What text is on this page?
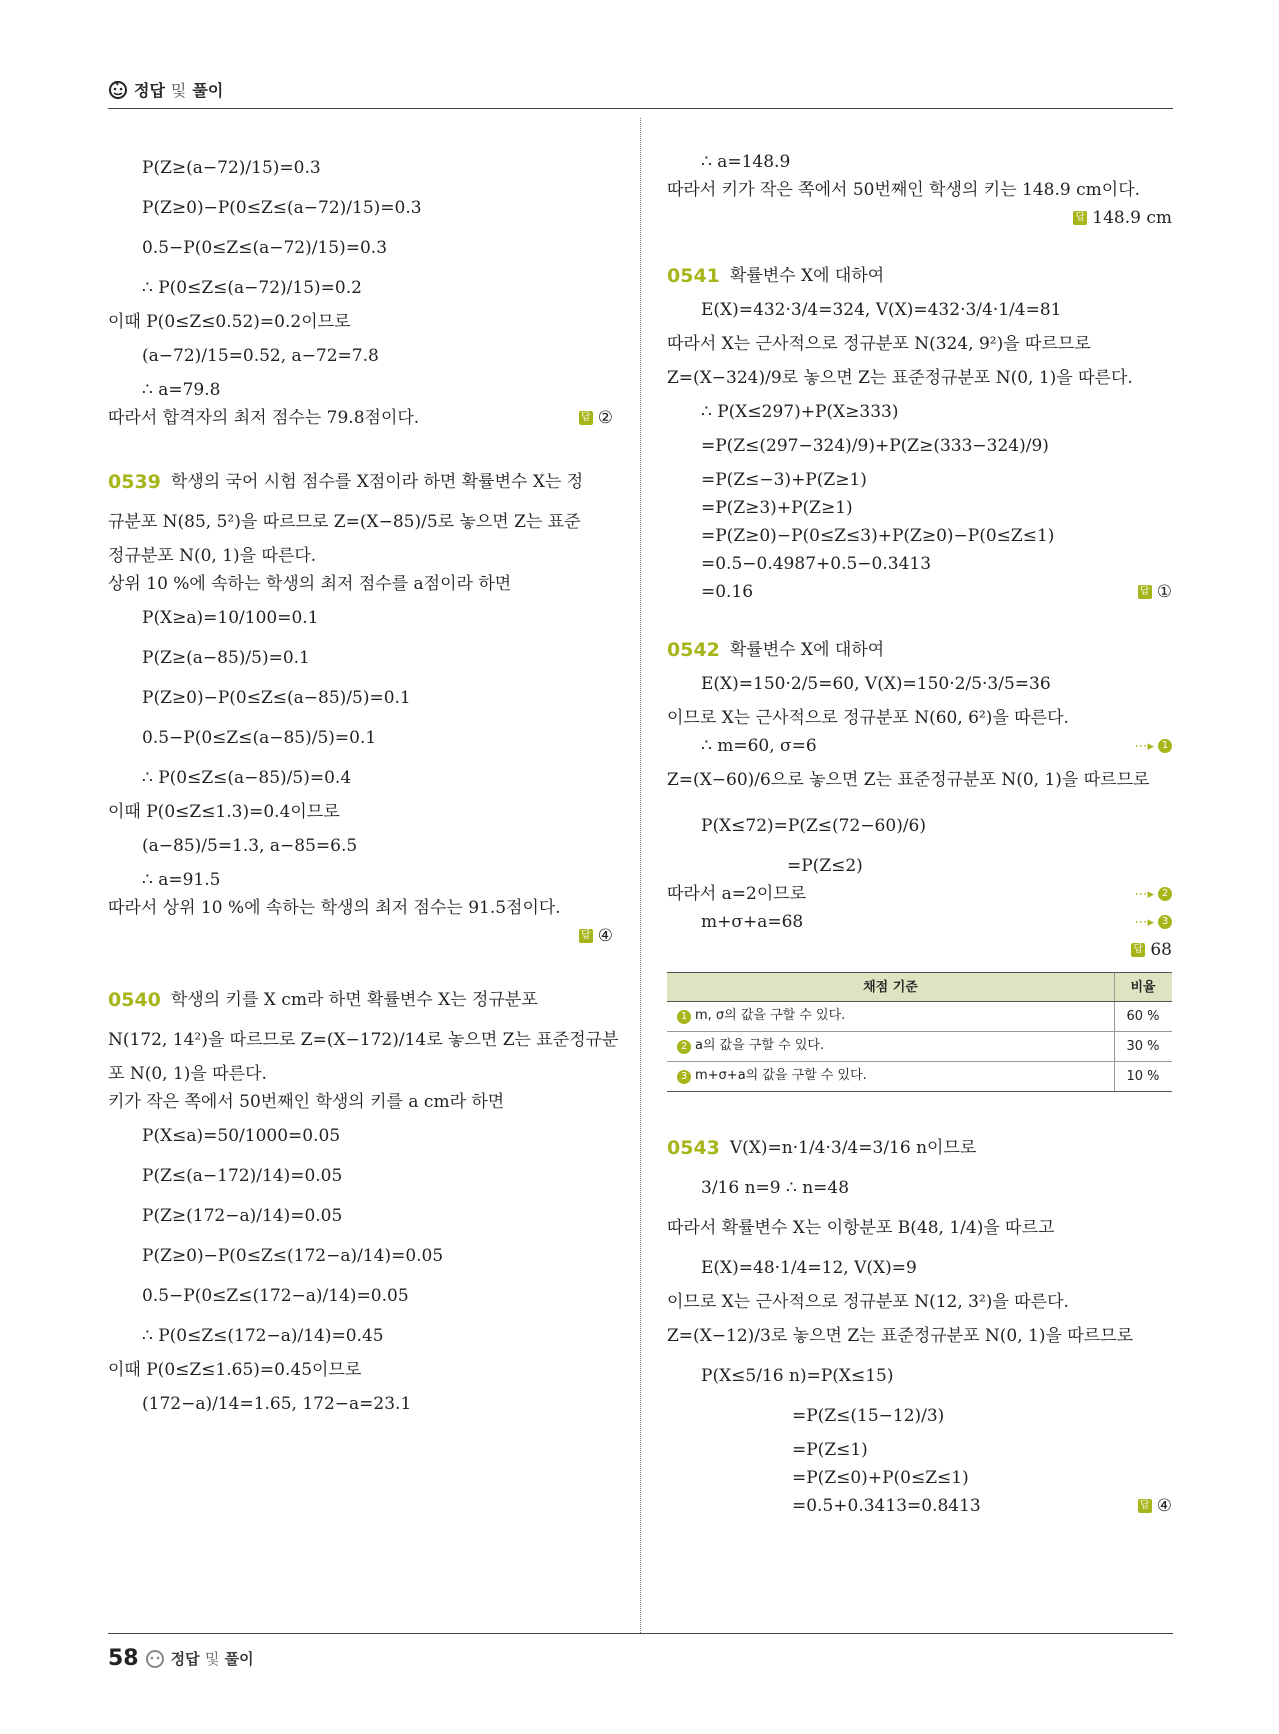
정답 및 풀이
P(Z≥(a−72)/15)=0.3
P(Z≥0)−P(0≤Z≤(a−72)/15)=0.3
0.5−P(0≤Z≤(a−72)/15)=0.3
∴ P(0≤Z≤(a−72)/15)=0.2
이때 P(0≤Z≤0.52)=0.2이므로
(a−72)/15=0.52, a−72=7.8
∴ a=79.8
따라서 합격자의 최저 점수는 79.8점이다.	답 ②
0539 학생의 국어 시험 점수를 X점이라 하면 확률변수 X는 정
규분포 N(85, 5²)을 따르므로 Z=(X−85)/5로 놓으면 Z는 표준
정규분포 N(0, 1)을 따른다.
상위 10 %에 속하는 학생의 최저 점수를 a점이라 하면
P(X≥a)=10/100=0.1
P(Z≥(a−85)/5)=0.1
P(Z≥0)−P(0≤Z≤(a−85)/5)=0.1
0.5−P(0≤Z≤(a−85)/5)=0.1
∴ P(0≤Z≤(a−85)/5)=0.4
이때 P(0≤Z≤1.3)=0.4이므로
(a−85)/5=1.3, a−85=6.5
∴ a=91.5
따라서 상위 10 %에 속하는 학생의 최저 점수는 91.5점이다.
답 ④
0540 학생의 키를 X cm라 하면 확률변수 X는 정규분포
N(172, 14²)을 따르므로 Z=(X−172)/14로 놓으면 Z는 표준정규분
포 N(0, 1)을 따른다.
키가 작은 쪽에서 50번째인 학생의 키를 a cm라 하면
P(X≤a)=50/1000=0.05
P(Z≤(a−172)/14)=0.05
P(Z≥(172−a)/14)=0.05
P(Z≥0)−P(0≤Z≤(172−a)/14)=0.05
0.5−P(0≤Z≤(172−a)/14)=0.05
∴ P(0≤Z≤(172−a)/14)=0.45
이때 P(0≤Z≤1.65)=0.45이므로
(172−a)/14=1.65, 172−a=23.1
∴ a=148.9
따라서 키가 작은 쪽에서 50번째인 학생의 키는 148.9 cm이다.
답 148.9 cm
0541 확률변수 X에 대하여
E(X)=432·3/4=324, V(X)=432·3/4·1/4=81
따라서 X는 근사적으로 정규분포 N(324, 9²)을 따르므로
Z=(X−324)/9로 놓으면 Z는 표준정규분포 N(0, 1)을 따른다.
∴ P(X≤297)+P(X≥333)
=P(Z≤(297−324)/9)+P(Z≥(333−324)/9)
=P(Z≤−3)+P(Z≥1)
=P(Z≥3)+P(Z≥1)
=P(Z≥0)−P(0≤Z≤3)+P(Z≥0)−P(0≤Z≤1)
=0.5−0.4987+0.5−0.3413
=0.16	답 ①
0542 확률변수 X에 대하여
E(X)=150·2/5=60, V(X)=150·2/5·3/5=36
이므로 X는 근사적으로 정규분포 N(60, 6²)을 따른다.
∴ m=60, σ=6	⋯▸ 1
Z=(X−60)/6으로 놓으면 Z는 표준정규분포 N(0, 1)을 따르므로
P(X≤72)=P(Z≤(72−60)/6)
=P(Z≤2)
따라서 a=2이므로	⋯▸ 2
m+σ+a=68	⋯▸ 3
답 68
채점 기준	비율
1 m, σ의 값을 구할 수 있다.	60 %
2 a의 값을 구할 수 있다.	30 %
3 m+σ+a의 값을 구할 수 있다.	10 %
0543 V(X)=n·1/4·3/4=3/16 n이므로
3/16 n=9 ∴ n=48
따라서 확률변수 X는 이항분포 B(48, 1/4)을 따르고
E(X)=48·1/4=12, V(X)=9
이므로 X는 근사적으로 정규분포 N(12, 3²)을 따른다.
Z=(X−12)/3로 놓으면 Z는 표준정규분포 N(0, 1)을 따르므로
P(X≤5/16 n)=P(X≤15)
=P(Z≤(15−12)/3)
=P(Z≤1)
=P(Z≤0)+P(0≤Z≤1)
=0.5+0.3413=0.8413	답 ④
58 정답 및 풀이
